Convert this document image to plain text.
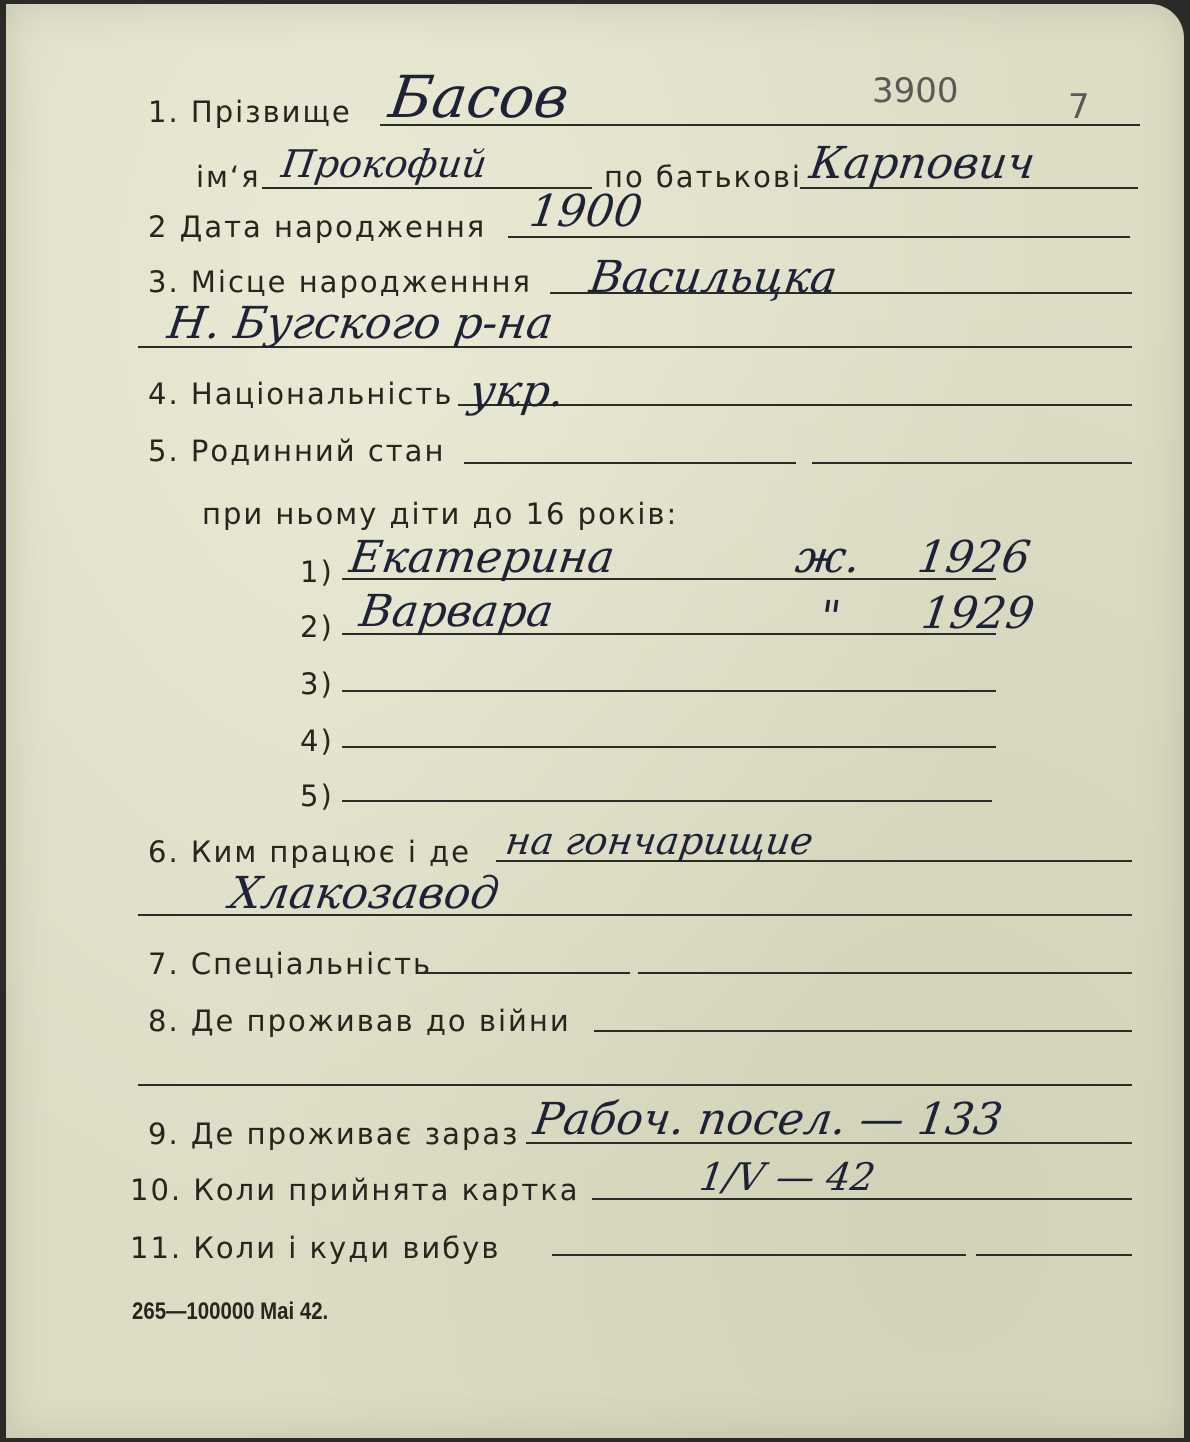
3900	7
1. Прізвище Басов
ім‘я Прокофий	по батькові Карпович
2 Дата народження 1900
3. Місце народженння Васильцка
Н. Бугского р-на
4. Національність укр.
5. Родинний стан
при ньому діти до 16 років:
1) Екатерина	ж. 1926
2) Варвара	" 1929
3)
4)
5)
6. Ким працює і де на гончарищие
Хлакозавод
7. Спеціальність
8. Де проживав до війни
9. Де проживає зараз Рабоч. посел. — 133
10. Коли прийнята картка	1/V — 42
11. Коли і куди вибув
265—100000 Mai 42.
